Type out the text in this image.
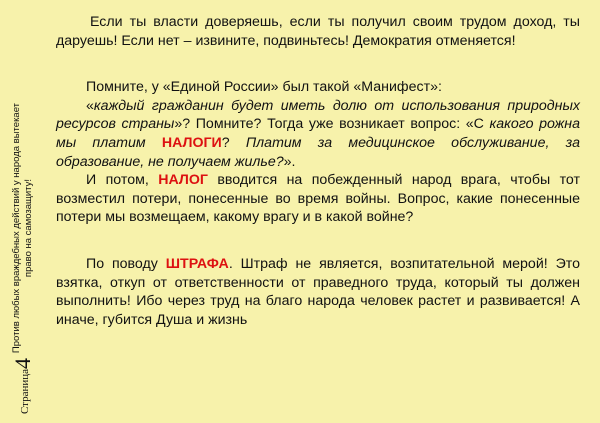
Против любых враждебных действий у народа вытекает право на самозащиту!
Страница4

Если ты власти доверяешь, если ты получил своим трудом доход, ты даруешь! Если нет – извините, подвиньтесь! Демократия отменяется!

Помните, у «Единой России» был такой «Манифест»:

«каждый гражданин будет иметь долю от использования природных ресурсов страны»? Помните? Тогда уже возникает вопрос: «С какого рожна мы платим НАЛОГИ? Платим за медицинское обслуживание, за образование, не получаем жилье?».

И потом, НАЛОГ вводится на побежденный народ врага, чтобы тот возместил потери, понесенные во время войны. Вопрос, какие понесенные потери мы возмещаем, какому врагу и в какой войне?

По поводу ШТРАФА. Штраф не является, возпитательной мерой! Это взятка, откуп от ответственности от праведного труда, который ты должен выполнить! Ибо через труд на благо народа человек растет и развивается! А иначе, губится Душа и жизнь
